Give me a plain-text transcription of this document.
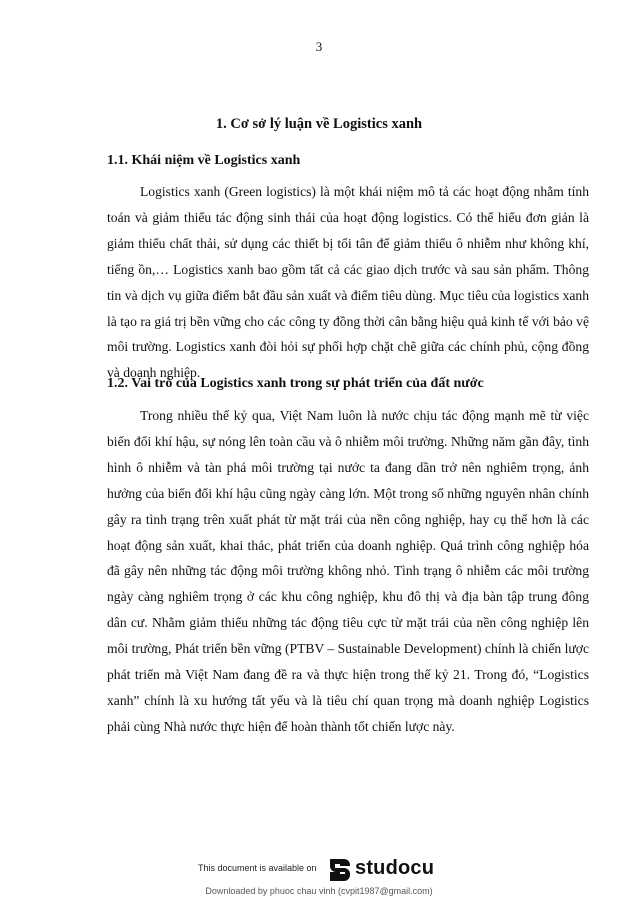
3
1. Cơ sở lý luận về Logistics xanh
1.1. Khái niệm về Logistics xanh

Logistics xanh (Green logistics) là một khái niệm mô tả các hoạt động nhằm tính toán và giảm thiểu tác động sinh thái của hoạt động logistics. Có thể hiểu đơn giản là giảm thiểu chất thải, sử dụng các thiết bị tối tân để giảm thiểu ô nhiễm như không khí, tiếng ồn,… Logistics xanh bao gồm tất cả các giao dịch trước và sau sản phẩm. Thông tin và dịch vụ giữa điểm bắt đầu sản xuất và điểm tiêu dùng. Mục tiêu của logistics xanh là tạo ra giá trị bền vững cho các công ty đồng thời cân bằng hiệu quả kinh tế với bảo vệ môi trường. Logistics xanh đòi hỏi sự phối hợp chặt chẽ giữa các chính phủ, cộng đồng và doanh nghiệp.

1.2. Vai trò của Logistics xanh trong sự phát triển của đất nước

Trong nhiều thế kỷ qua, Việt Nam luôn là nước chịu tác động mạnh mẽ từ việc biến đổi khí hậu, sự nóng lên toàn cầu và ô nhiễm môi trường. Những năm gần đây, tình hình ô nhiễm và tàn phá môi trường tại nước ta đang dần trở nên nghiêm trọng, ảnh hưởng của biến đổi khí hậu cũng ngày càng lớn. Một trong số những nguyên nhân chính gây ra tình trạng trên xuất phát từ mặt trái của nền công nghiệp, hay cụ thể hơn là các hoạt động sản xuất, khai thác, phát triển của doanh nghiệp. Quá trình công nghiệp hóa đã gây nên những tác động môi trường không nhỏ. Tình trạng ô nhiễm các môi trường ngày càng nghiêm trọng ở các khu công nghiệp, khu đô thị và địa bàn tập trung đông dân cư. Nhằm giảm thiểu những tác động tiêu cực từ mặt trái của nền công nghiệp lên môi trường, Phát triển bền vững (PTBV – Sustainable Development) chính là chiến lược phát triển mà Việt Nam đang đề ra và thực hiện trong thế kỷ 21. Trong đó, “Logistics xanh” chính là xu hướng tất yếu và là tiêu chí quan trọng mà doanh nghiệp Logistics phải cùng Nhà nước thực hiện để hoàn thành tốt chiến lược này.

This document is available on studocu
Downloaded by phuoc chau vinh (cvpit1987@gmail.com)
